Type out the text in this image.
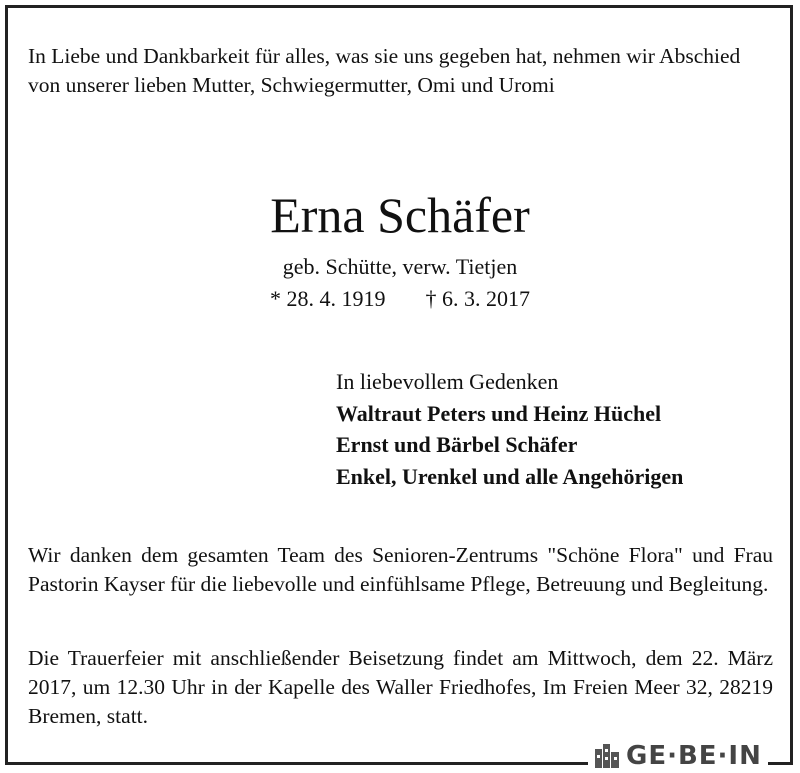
In Liebe und Dankbarkeit für alles, was sie uns gegeben hat, nehmen wir Abschied von unserer lieben Mutter, Schwiegermutter, Omi und Uromi
Erna Schäfer
geb. Schütte, verw. Tietjen
* 28. 4. 1919 † 6. 3. 2017
In liebevollem Gedenken
Waltraut Peters und Heinz Hüchel
Ernst und Bärbel Schäfer
Enkel, Urenkel und alle Angehörigen
Wir danken dem gesamten Team des Senioren-Zentrums "Schöne Flora" und Frau Pastorin Kayser für die liebevolle und einfühlsame Pflege, Betreuung und Begleitung.
Die Trauerfeier mit anschließender Beisetzung findet am Mittwoch, dem 22. März 2017, um 12.30 Uhr in der Kapelle des Waller Friedhofes, Im Freien Meer 32, 28219 Bremen, statt.
GE·BE·IN
